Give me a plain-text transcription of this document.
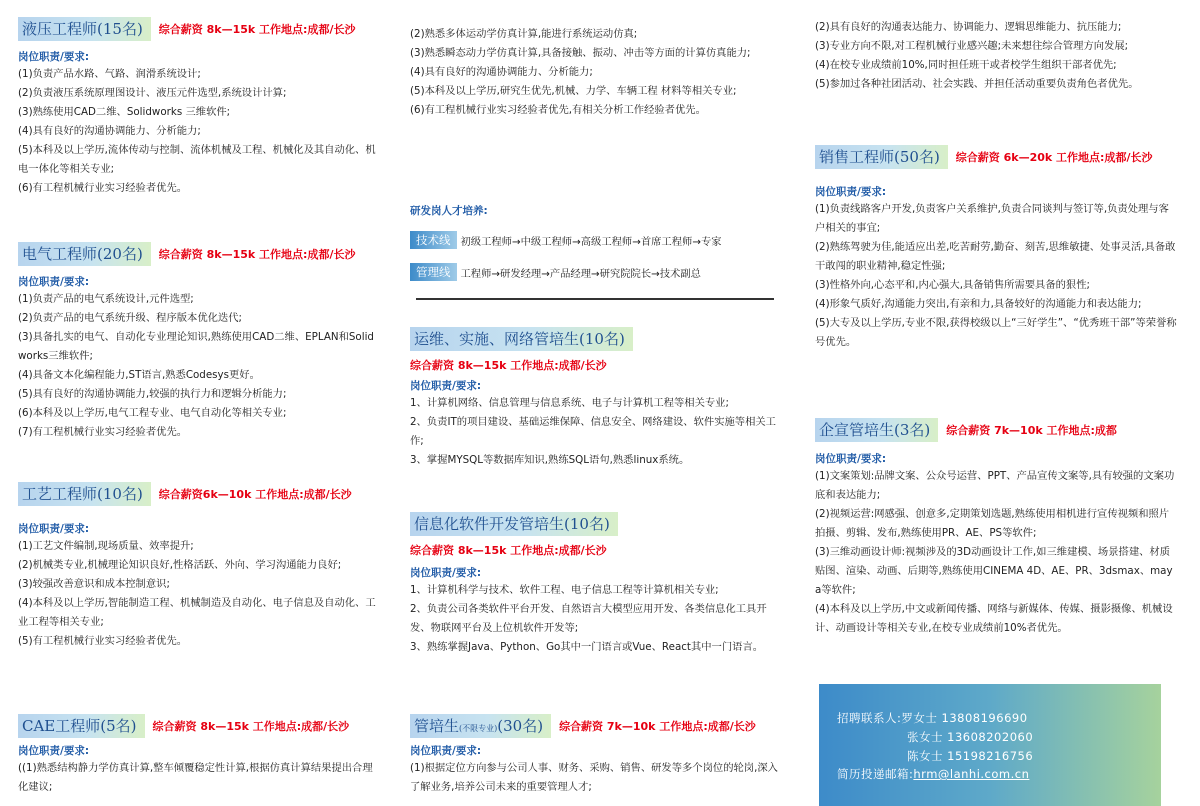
液压工程师(15名)	综合薪资 8k—15k 工作地点:成都/长沙
岗位职责/要求:
(1)负责产品水路、气路、润滑系统设计;
(2)负责液压系统原理图设计、液压元件选型,系统设计计算;
(3)熟练使用CAD二维、Solidworks 三维软件;
(4)具有良好的沟通协调能力、分析能力;
(5)本科及以上学历,流体传动与控制、流体机械及工程、机械化及其自动化、机电一体化等相关专业;
(6)有工程机械行业实习经验者优先。
电气工程师(20名)	综合薪资 8k—15k 工作地点:成都/长沙
岗位职责/要求:
(1)负责产品的电气系统设计,元件选型;
(2)负责产品的电气系统升级、程序版本优化迭代;
(3)具备扎实的电气、自动化专业理论知识,熟练使用CAD二维、EPLAN和Solidworks三维软件;
(4)具备文本化编程能力,ST语言,熟悉Codesys更好。
(5)具有良好的沟通协调能力,较强的执行力和逻辑分析能力;
(6)本科及以上学历,电气工程专业、电气自动化等相关专业;
(7)有工程机械行业实习经验者优先。
工艺工程师(10名)	综合薪资6k—10k 工作地点:成都/长沙
岗位职责/要求:
(1)工艺文件编制,现场质量、效率提升;
(2)机械类专业,机械理论知识良好,性格活跃、外向、学习沟通能力良好;
(3)较强改善意识和成本控制意识;
(4)本科及以上学历,智能制造工程、机械制造及自动化、电子信息及自动化、工业工程等相关专业;
(5)有工程机械行业实习经验者优先。
CAE工程师(5名)	综合薪资 8k—15k 工作地点:成都/长沙
岗位职责/要求:
((1)熟悉结构静力学仿真计算,整车倾覆稳定性计算,根据仿真计算结果提出合理化建议;
(2)熟悉多体运动学仿真计算,能进行系统运动仿真;
(3)熟悉瞬态动力学仿真计算,具备接触、振动、冲击等方面的计算仿真能力;
(4)具有良好的沟通协调能力、分析能力;
(5)本科及以上学历,研究生优先,机械、力学、车辆工程 材料等相关专业;
(6)有工程机械行业实习经验者优先,有相关分析工作经验者优先。
研发岗人才培养:
技术线 初级工程师→中级工程师→高级工程师→首席工程师→专家
管理线 工程师→研发经理→产品经理→研究院院长→技术副总
运维、实施、网络管培生(10名)
综合薪资 8k—15k 工作地点:成都/长沙
岗位职责/要求:
1、计算机网络、信息管理与信息系统、电子与计算机工程等相关专业;
2、负责IT的项目建设、基础运维保障、信息安全、网络建设、软件实施等相关工作;
3、掌握MYSQL等数据库知识,熟练SQL语句,熟悉linux系统。
信息化软件开发管培生(10名)
综合薪资 8k—15k 工作地点:成都/长沙
岗位职责/要求:
1、计算机科学与技术、软件工程、电子信息工程等计算机相关专业;
2、负责公司各类软件平台开发、自然语言大模型应用开发、各类信息化工具开发、物联网平台及上位机软件开发等;
3、熟练掌握Java、Python、Go其中一门语言或Vue、React其中一门语言。
管培生(不限专业)(30名)	综合薪资 7k—10k 工作地点:成都/长沙
岗位职责/要求:
(1)根据定位方向参与公司人事、财务、采购、销售、研发等多个岗位的轮岗,深入了解业务,培养公司未来的重要管理人才;
(2)具有良好的沟通表达能力、协调能力、逻辑思维能力、抗压能力;
(3)专业方向不限,对工程机械行业感兴趣;未来想往综合管理方向发展;
(4)在校专业成绩前10%,同时担任班干或者校学生组织干部者优先;
(5)参加过各种社团活动、社会实践、并担任活动重要负责角色者优先。
销售工程师(50名)	综合薪资 6k—20k 工作地点:成都/长沙
岗位职责/要求:
(1)负责线路客户开发,负责客户关系维护,负责合同谈判与签订等,负责处理与客户相关的事宜;
(2)熟练驾驶为佳,能适应出差,吃苦耐劳,勤奋、刻苦,思维敏捷、处事灵活,具备敢干敢闯的职业精神,稳定性强;
(3)性格外向,心态平和,内心强大,具备销售所需要具备的狠性;
(4)形象气质好,沟通能力突出,有亲和力,具备较好的沟通能力和表达能力;
(5)大专及以上学历,专业不限,获得校级以上“三好学生”、“优秀班干部”等荣誉称号优先。
企宣管培生(3名)	综合薪资 7k—10k 工作地点:成都
岗位职责/要求:
(1)文案策划:品牌文案、公众号运营、PPT、产品宣传文案等,具有较强的文案功底和表达能力;
(2)视频运营:网感强、创意多,定期策划选题,熟练使用相机进行宣传视频和照片拍摄、剪辑、发布,熟练使用PR、AE、PS等软件;
(3)三维动画设计师:视频涉及的3D动画设计工作,如三维建模、场景搭建、材质贴图、渲染、动画、后期等,熟练使用CINEMA 4D、AE、PR、3dsmax、maya等软件;
(4)本科及以上学历,中文或新闻传播、网络与新媒体、传媒、摄影摄像、机械设计、动画设计等相关专业,在校专业成绩前10%者优先。
招聘联系人:罗女士 13808196690
张女士 13608202060
陈女士 15198216756
简历投递邮箱:hrm@lanhi.com.cn
